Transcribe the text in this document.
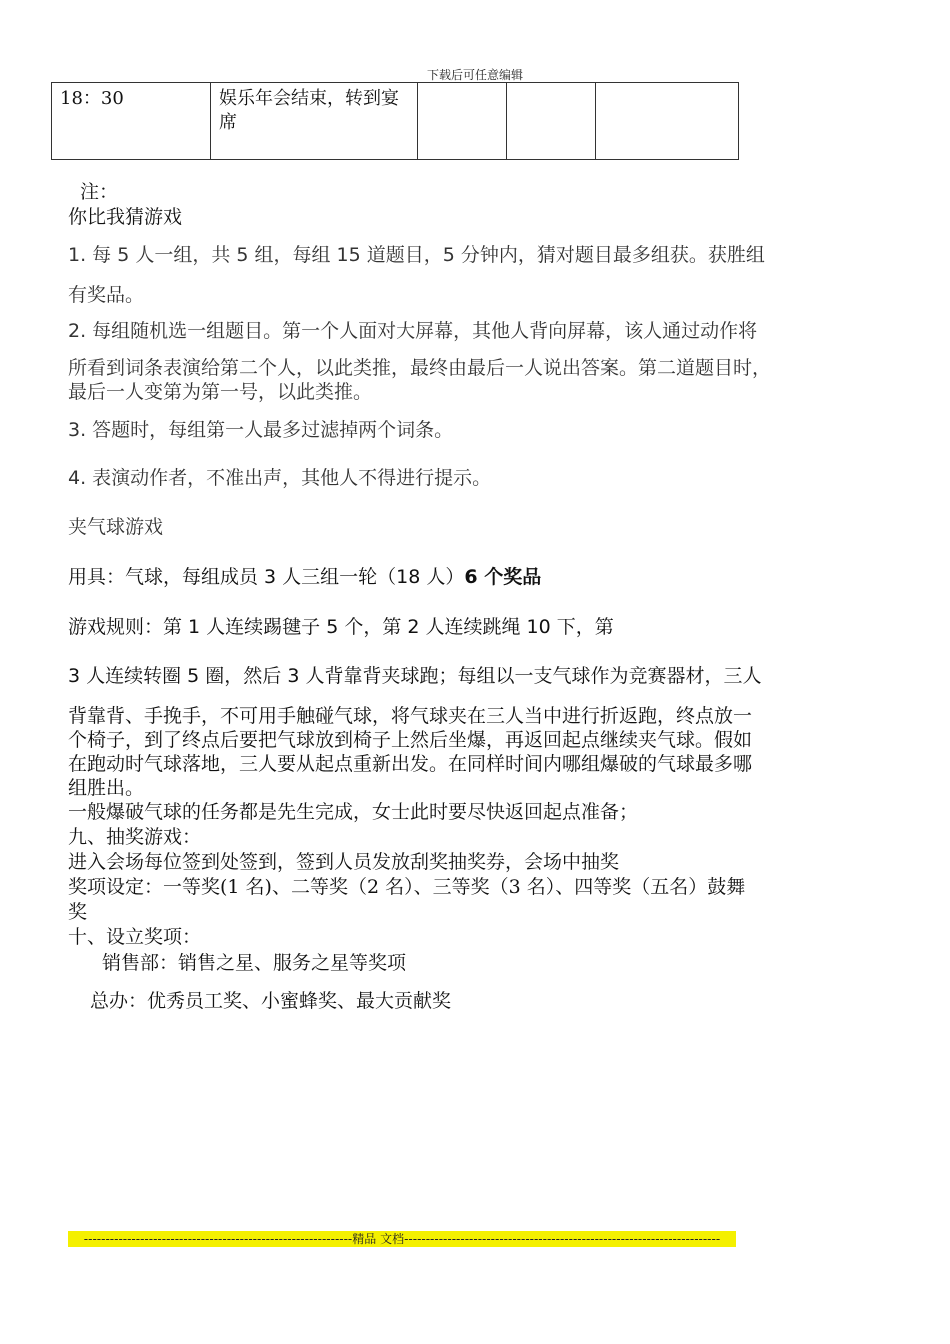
下载后可任意编辑
18：30	娱乐年会结束，转到宴席			
注：
你比我猜游戏
1. 每 5 人一组，共 5 组，每组 15 道题目，5 分钟内，猜对题目最多组获。获胜组
有奖品。
2. 每组随机选一组题目。第一个人面对大屏幕，其他人背向屏幕，该人通过动作将
所看到词条表演给第二个人，以此类推，最终由最后一人说出答案。第二道题目时，
最后一人变第为第一号，以此类推。
3. 答题时，每组第一人最多过滤掉两个词条。
4. 表演动作者，不准出声，其他人不得进行提示。
夹气球游戏
用具：气球，每组成员 3 人三组一轮（18 人）6 个奖品
游戏规则：第 1 人连续踢毽子 5 个，第 2 人连续跳绳 10 下，第
3 人连续转圈 5 圈，然后 3 人背靠背夹球跑；每组以一支气球作为竞赛器材，三人
背靠背、手挽手，不可用手触碰气球，将气球夹在三人当中进行折返跑，终点放一
个椅子，到了终点后要把气球放到椅子上然后坐爆，再返回起点继续夹气球。假如
在跑动时气球落地，三人要从起点重新出发。在同样时间内哪组爆破的气球最多哪
组胜出。
一般爆破气球的任务都是先生完成，女士此时要尽快返回起点准备；
九、抽奖游戏：
进入会场每位签到处签到，签到人员发放刮奖抽奖券，会场中抽奖
奖项设定：一等奖(1 名)、二等奖（2 名）、三等奖（3 名）、四等奖（五名）鼓舞
奖
十、设立奖项：
销售部：销售之星、服务之星等奖项
总办：优秀员工奖、小蜜蜂奖、最大贡献奖
--------------------------------------------------------------精品 文档-------------------------------------------------------------------------
